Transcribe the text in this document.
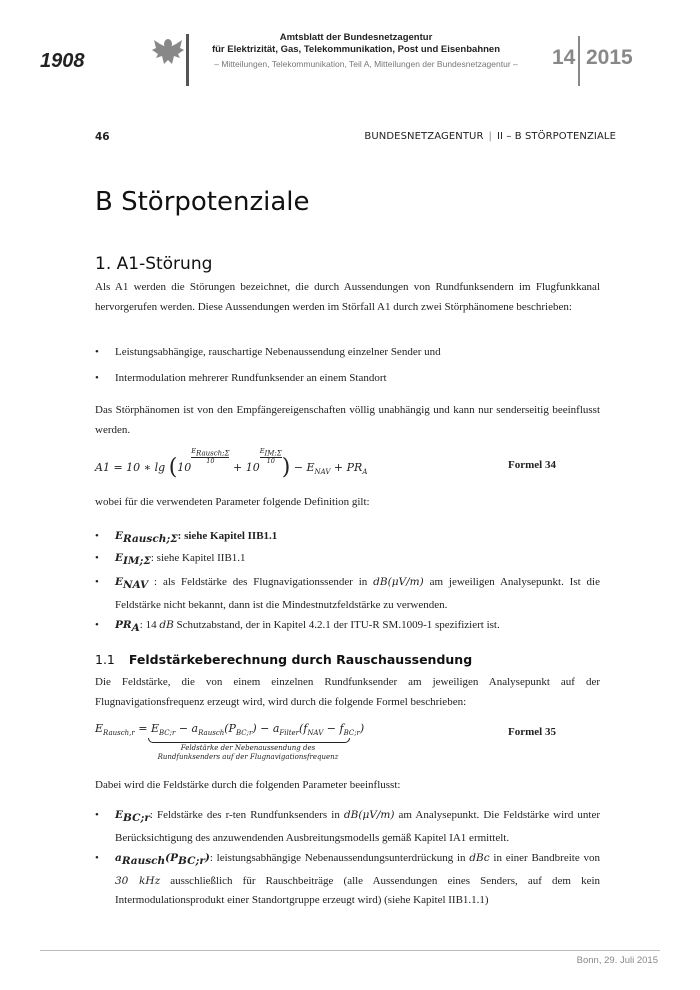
1908
Amtsblatt der Bundesnetzagentur
für Elektrizität, Gas, Telekommunikation, Post und Eisenbahnen
– Mitteilungen, Telekommunikation, Teil A, Mitteilungen der Bundesnetzagentur –	14 2015
46	BUNDESNETZAGENTUR | II – B STÖRPOTENZIALE
B Störpotenziale
1. A1-Störung
Als A1 werden die Störungen bezeichnet, die durch Aussendungen von Rundfunksendern im Flugfunkkanal hervorgerufen werden. Diese Aussendungen werden im Störfall A1 durch zwei Störphänomene beschrieben:
• Leistungsabhängige, rauschartige Nebenaussendung einzelner Sender und
• Intermodulation mehrerer Rundfunksender an einem Standort
Das Störphänomen ist von den Empfängereigenschaften völlig unabhängig und kann nur senderseitig beeinflusst werden.
A1 = 10 ∗ lg (10
$E_{Rausch;\Sigma}$
10 + 10
$E_{IM;\Sigma}$
10 ) − $E_{NAV} + PR_A$
Formel 34
wobei für die verwendeten Parameter folgende Definition gilt:
• $E_{Rausch;\Sigma}$: siehe Kapitel IIB1.1
• $E_{IM;\Sigma}$: siehe Kapitel IIB1.1
• $E_{NAV}$ : als Feldstärke des Flugnavigationssender in dB(μV/m) am jeweiligen Analysepunkt. Ist die Feldstärke nicht bekannt, dann ist die Mindestnutzfeldstärke zu verwenden.
• $PR_A$: 14 dB Schutzabstand, der in Kapitel 4.2.1 der ITU-R SM.1009-1 spezifiziert ist.
1.1 Feldstärkeberechnung durch Rauschaussendung
Die Feldstärke, die von einem einzelnen Rundfunksender am jeweiligen Analysepunkt auf der Flugnavigationsfrequenz erzeugt wird, wird durch die folgende Formel beschrieben:
$E_{Rausch,r} = E_{BC;r} - a_{Rausch}(P_{BC;r}) - a_{Filter}(f_{NAV} - f_{BC;r})$
Feldstärke der Nebenaussendung des
Rundfunksenders auf der Flugnavigationsfrequenz
Formel 35
Dabei wird die Feldstärke durch die folgenden Parameter beeinflusst:
• $E_{BC;r}$: Feldstärke des r-ten Rundfunksenders in dB(μV/m) am Analysepunkt. Die Feldstärke wird unter Berücksichtigung des anzuwendenden Ausbreitungsmodells gemäß Kapitel IA1 ermittelt.
• $a_{Rausch}(P_{BC;r})$: leistungsabhängige Nebenaussendungsunterdrückung in dBc in einer Bandbreite von 30 kHz ausschließlich für Rauschbeiträge (alle Aussendungen eines Senders, auf dem kein Intermodulationsprodukt einer Standortgruppe erzeugt wird) (siehe Kapitel IIB1.1.1)
Bonn, 29. Juli 2015
